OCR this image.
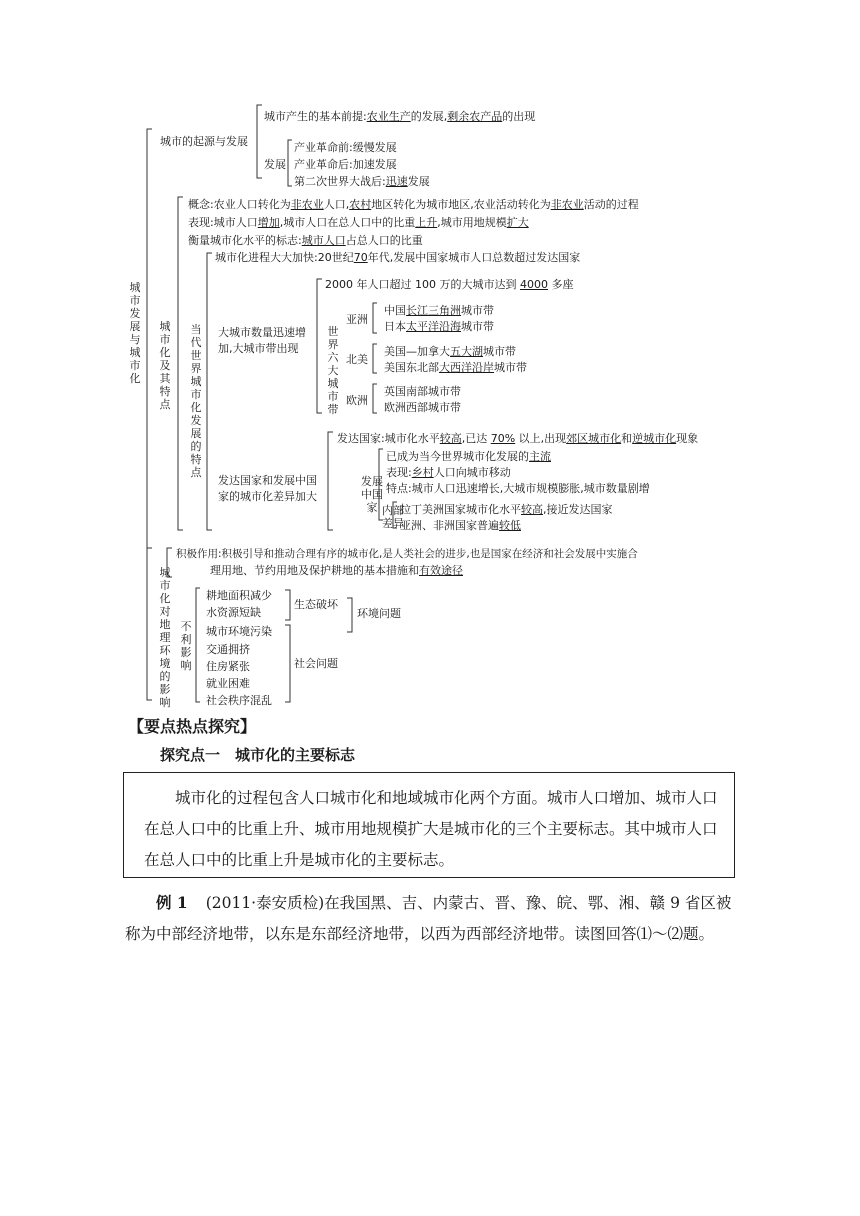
城市发展与城市化
城市化及其特点
当代世界城市化发展的特点
世界六大城市带
发展中国家 内部差异
城市化对地理环境的影响
不利影响
城市的起源与发展
城市产生的基本前提:农业生产的发展,剩余农产品的出现
发展
产业革命前:缓慢发展
产业革命后:加速发展
第二次世界大战后:迅速发展
概念:农业人口转化为非农业人口,农村地区转化为城市地区,农业活动转化为非农业活动的过程
表现:城市人口增加,城市人口在总人口中的比重上升,城市用地规模扩大
衡量城市化水平的标志:城市人口占总人口的比重
城市化进程大大加快:20世纪70年代,发展中国家城市人口总数超过发达国家
大城市数量迅速增
加,大城市带出现
2000 年人口超过 100 万的大城市达到 4000 多座
亚洲
中国长江三角洲城市带
日本太平洋沿海城市带
北美
美国—加拿大五大湖城市带
美国东北部大西洋沿岸城市带
欧洲
英国南部城市带
欧洲西部城市带
发达国家和发展中国
家的城市化差异加大
发达国家:城市化水平较高,已达 70% 以上,出现郊区城市化和逆城市化现象
已成为当今世界城市化发展的主流
表现:乡村人口向城市移动
特点:城市人口迅速增长,大城市规模膨胀,城市数量剧增
拉丁美洲国家城市化水平较高,接近发达国家
亚洲、非洲国家普遍较低
积极作用:积极引导和推动合理有序的城市化,是人类社会的进步,也是国家在经济和社会发展中实施合
理用地、节约用地及保护耕地的基本措施和有效途径
耕地面积减少
水资源短缺
生态破坏
环境问题
城市环境污染
交通拥挤
住房紧张
就业困难
社会秩序混乱
社会问题
【要点热点探究】
探究点一　城市化的主要标志

城市化的过程包含人口城市化和地域城市化两个方面。城市人口增加、城市人口在总人口中的比重上升、城市用地规模扩大是城市化的三个主要标志。其中城市人口在总人口中的比重上升是城市化的主要标志。

例 1 (2011·泰安质检)在我国黑、吉、内蒙古、晋、豫、皖、鄂、湘、赣 9 省区被称为中部经济地带，以东是东部经济地带，以西为西部经济地带。读图回答⑴～⑵题。
